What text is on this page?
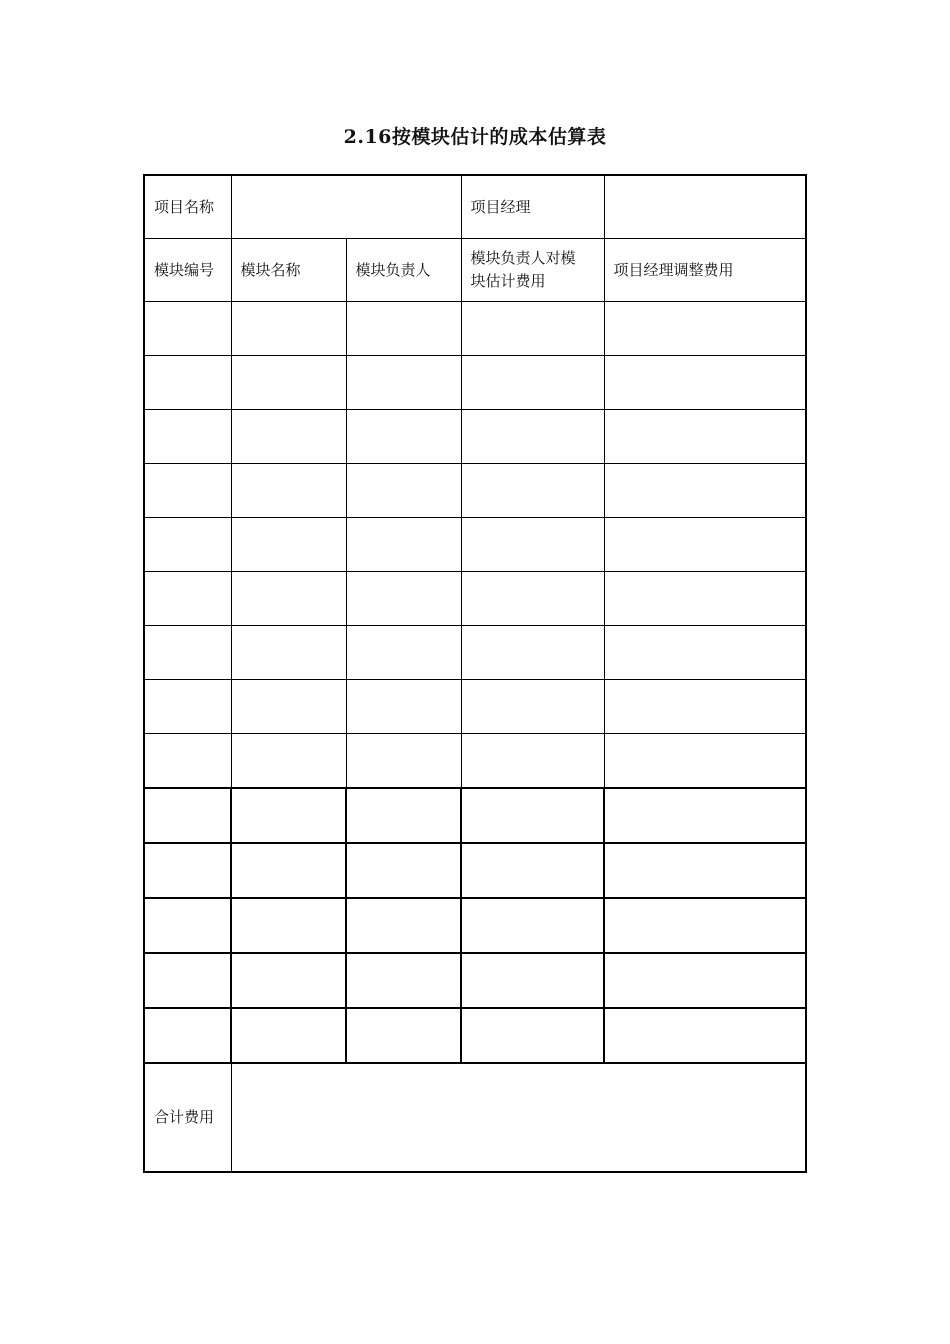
2.16按模块估计的成本估算表
项目名称			项目经理	
模块编号	模块名称	模块负责人	模块负责人对模块估计费用	项目经理调整费用

合计费用				
